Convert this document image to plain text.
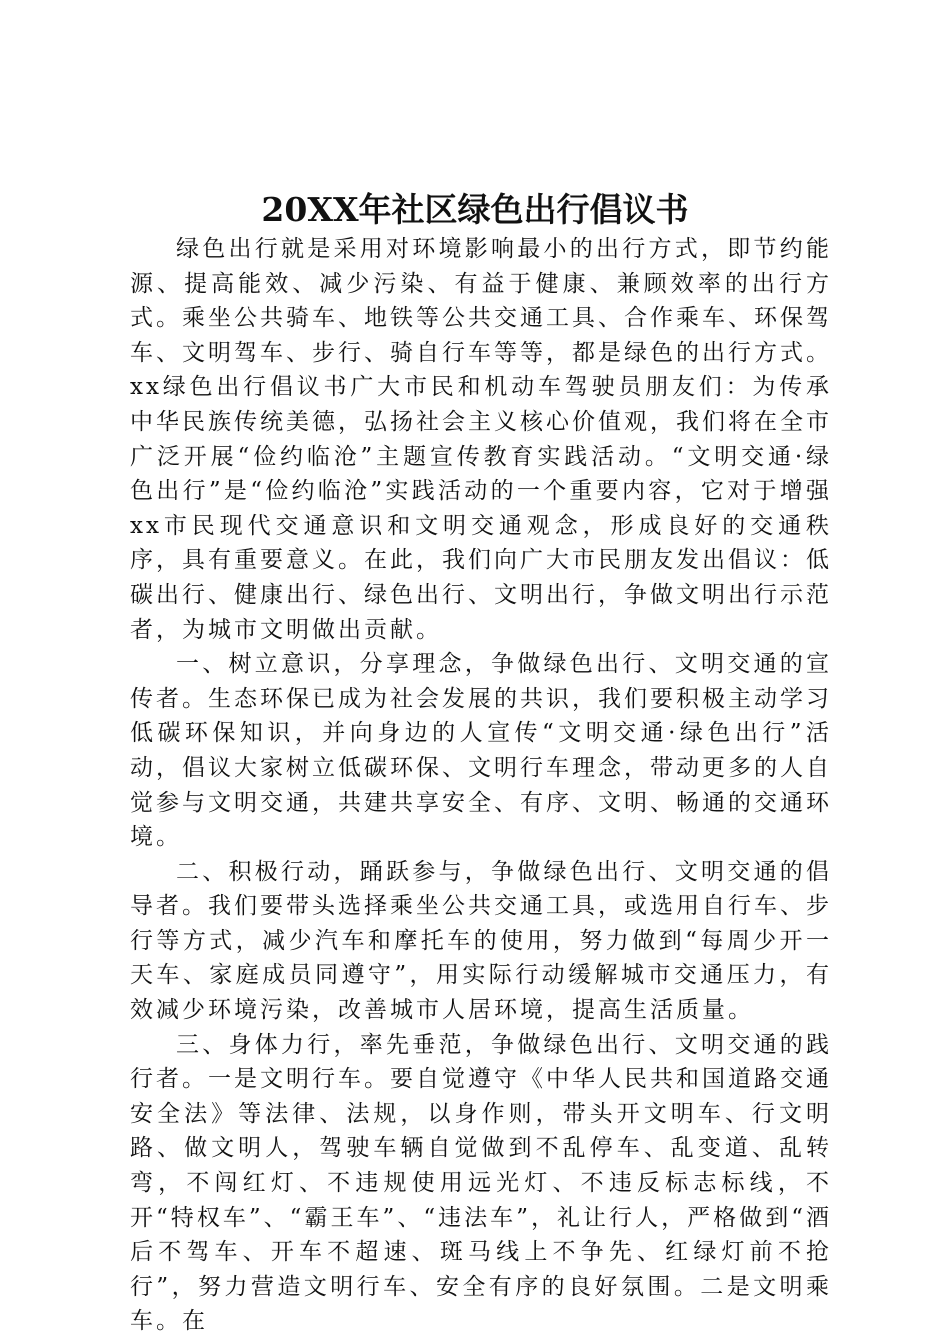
20XX年社区绿色出行倡议书

绿色出行就是采用对环境影响最小的出行方式，即节约能源、提高能效、减少污染、有益于健康、兼顾效率的出行方式。乘坐公共骑车、地铁等公共交通工具、合作乘车、环保驾车、文明驾车、步行、骑自行车等等，都是绿色的出行方式。xx绿色出行倡议书广大市民和机动车驾驶员朋友们：为传承中华民族传统美德，弘扬社会主义核心价值观，我们将在全市广泛开展“俭约临沧”主题宣传教育实践活动。“文明交通·绿色出行”是“俭约临沧”实践活动的一个重要内容，它对于增强xx市民现代交通意识和文明交通观念，形成良好的交通秩序，具有重要意义。在此，我们向广大市民朋友发出倡议：低碳出行、健康出行、绿色出行、文明出行，争做文明出行示范者，为城市文明做出贡献。

一、树立意识，分享理念，争做绿色出行、文明交通的宣传者。生态环保已成为社会发展的共识，我们要积极主动学习低碳环保知识，并向身边的人宣传“文明交通·绿色出行”活动，倡议大家树立低碳环保、文明行车理念，带动更多的人自觉参与文明交通，共建共享安全、有序、文明、畅通的交通环境。

二、积极行动，踊跃参与，争做绿色出行、文明交通的倡导者。我们要带头选择乘坐公共交通工具，或选用自行车、步行等方式，减少汽车和摩托车的使用，努力做到“每周少开一天车、家庭成员同遵守”，用实际行动缓解城市交通压力，有效减少环境污染，改善城市人居环境，提高生活质量。

三、身体力行，率先垂范，争做绿色出行、文明交通的践行者。一是文明行车。要自觉遵守《中华人民共和国道路交通安全法》等法律、法规，以身作则，带头开文明车、行文明路、做文明人，驾驶车辆自觉做到不乱停车、乱变道、乱转弯，不闯红灯、不违规使用远光灯、不违反标志标线，不开“特权车”、“霸王车”、“违法车”，礼让行人，严格做到“酒后不驾车、开车不超速、斑马线上不争先、红绿灯前不抢行”，努力营造文明行车、安全有序的良好氛围。二是文明乘车。在
